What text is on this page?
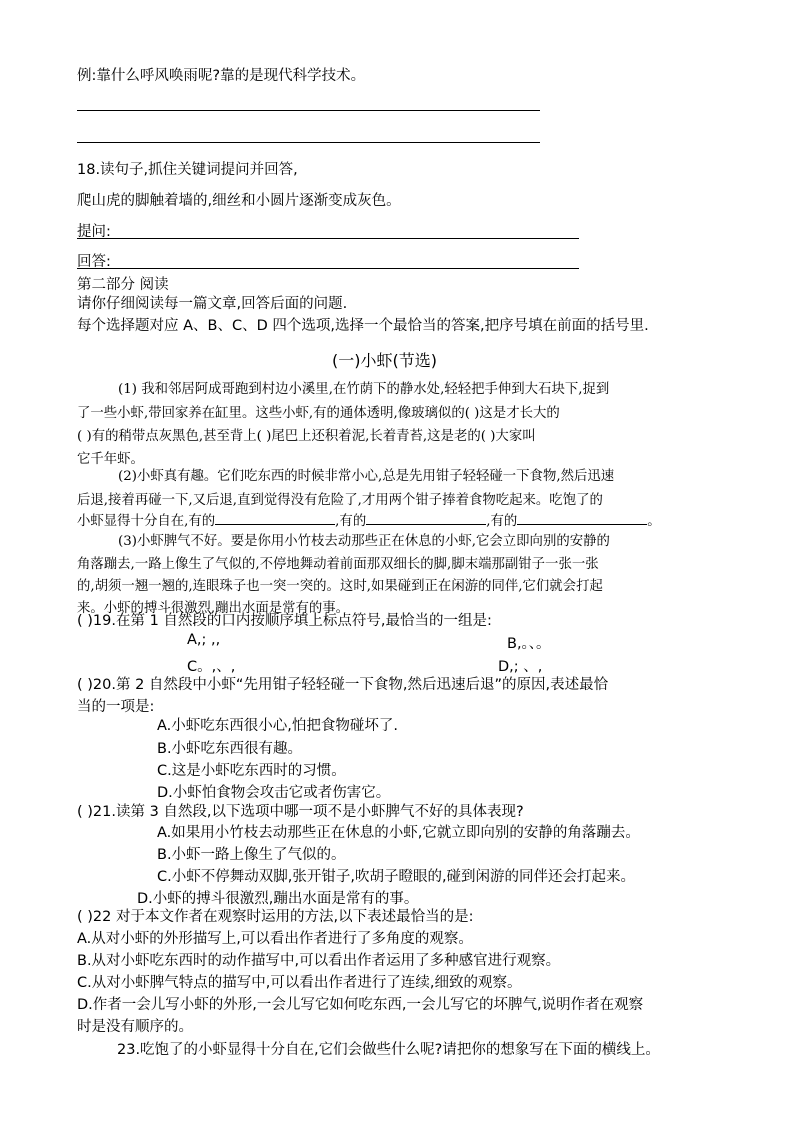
例:靠什么呼风唤雨呢?靠的是现代科学技术。
18.读句子,抓住关键词提问并回答,
爬山虎的脚触着墙的,细丝和小圆片逐渐变成灰色。
提问:
回答:
第二部分 阅读
请你仔细阅读每一篇文章,回答后面的问题.
每个选择题对应 A、B、C、D 四个选项,选择一个最恰当的答案,把序号填在前面的括号里.
(一)小虾(节选)
(1) 我和邻居阿成哥跑到村边小溪里,在竹荫下的静水处,轻轻把手伸到大石块下,捉到
了一些小虾,带回家养在缸里。这些小虾,有的通体透明,像玻璃似的( )这是才长大的
( )有的稍带点灰黑色,甚至背上( )尾巴上还积着泥,长着青苔,这是老的( )大家叫
它千年虾。
(2)小虾真有趣。它们吃东西的时候非常小心,总是先用钳子轻轻碰一下食物,然后迅速
后退,接着再碰一下,又后退,直到觉得没有危险了,才用两个钳子捧着食物吃起来。吃饱了的
小虾显得十分自在,有的	,有的	,有的	。
(3)小虾脾气不好。要是你用小竹枝去动那些正在休息的小虾,它会立即向别的安静的
角落蹦去,一路上像生了气似的,不停地舞动着前面那双细长的脚,脚末端那副钳子一张一张
的,胡须一翘一翘的,连眼珠子也一突一突的。这时,如果碰到正在闲游的同伴,它们就会打起
来。小虾的搏斗很激烈,蹦出水面是常有的事。
( )19.在第 1 自然段的口内按顺序填上标点符号,最恰当的一组是:
A,; ,,	B,。、。
C。,、,	D,; 、,
( )20.第 2 自然段中小虾“先用钳子轻轻碰一下食物,然后迅速后退”的原因,表述最恰
当的一项是:
A.小虾吃东西很小心,怕把食物碰坏了.
B.小虾吃东西很有趣。
C.这是小虾吃东西时的习惯。
D.小虾怕食物会攻击它或者伤害它。
( )21.读第 3 自然段,以下选项中哪一项不是小虾脾气不好的具体表现?
A.如果用小竹枝去动那些正在休息的小虾,它就立即向别的安静的角落蹦去。
B.小虾一路上像生了气似的。
C.小虾不停舞动双脚,张开钳子,吹胡子瞪眼的,碰到闲游的同伴还会打起来。
D.小虾的搏斗很激烈,蹦出水面是常有的事。
( )22 对于本文作者在观察时运用的方法,以下表述最恰当的是:
A.从对小虾的外形描写上,可以看出作者进行了多角度的观察。
B.从对小虾吃东西时的动作描写中,可以看出作者运用了多种感官进行观察。
C.从对小虾脾气特点的描写中,可以看出作者进行了连续,细致的观察。
D.作者一会儿写小虾的外形,一会儿写它如何吃东西,一会儿写它的坏脾气,说明作者在观察
时是没有顺序的。
23.吃饱了的小虾显得十分自在,它们会做些什么呢?请把你的想象写在下面的横线上。
